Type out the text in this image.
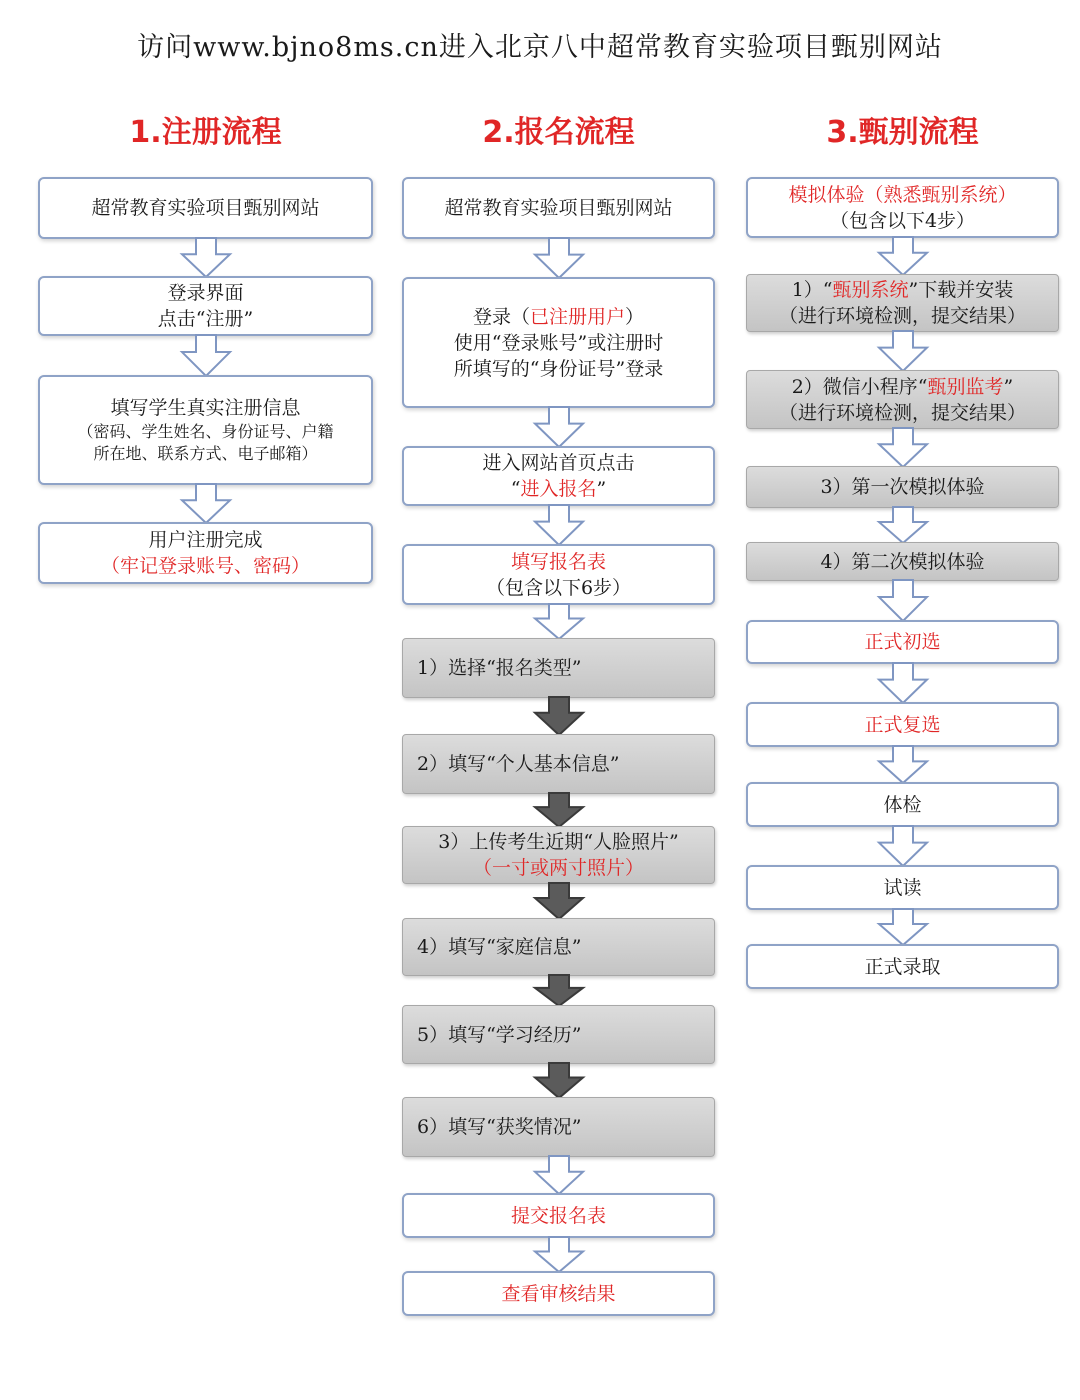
访问www.bjno8ms.cn进入北京八中超常教育实验项目甄别网站
1.注册流程
超常教育实验项目甄别网站
登录界面
点击“注册”
填写学生真实注册信息
（密码、学生姓名、身份证号、户籍
所在地、联系方式、电子邮箱）
用户注册完成
（牢记登录账号、密码）
2.报名流程
超常教育实验项目甄别网站
登录（已注册用户）
使用“登录账号”或注册时
所填写的“身份证号”登录
进入网站首页点击
“进入报名”
填写报名表
（包含以下6步）
1）选择“报名类型”
2）填写“个人基本信息”
3）上传考生近期“人脸照片”
（一寸或两寸照片）
4）填写“家庭信息”
5）填写“学习经历”
6）填写“获奖情况”
提交报名表
查看审核结果
3.甄别流程
模拟体验（熟悉甄别系统）
（包含以下4步）
1）“甄别系统”下载并安装
（进行环境检测，提交结果）
2）微信小程序“甄别监考”
（进行环境检测，提交结果）
3）第一次模拟体验
4）第二次模拟体验
正式初选
正式复选
体检
试读
正式录取
